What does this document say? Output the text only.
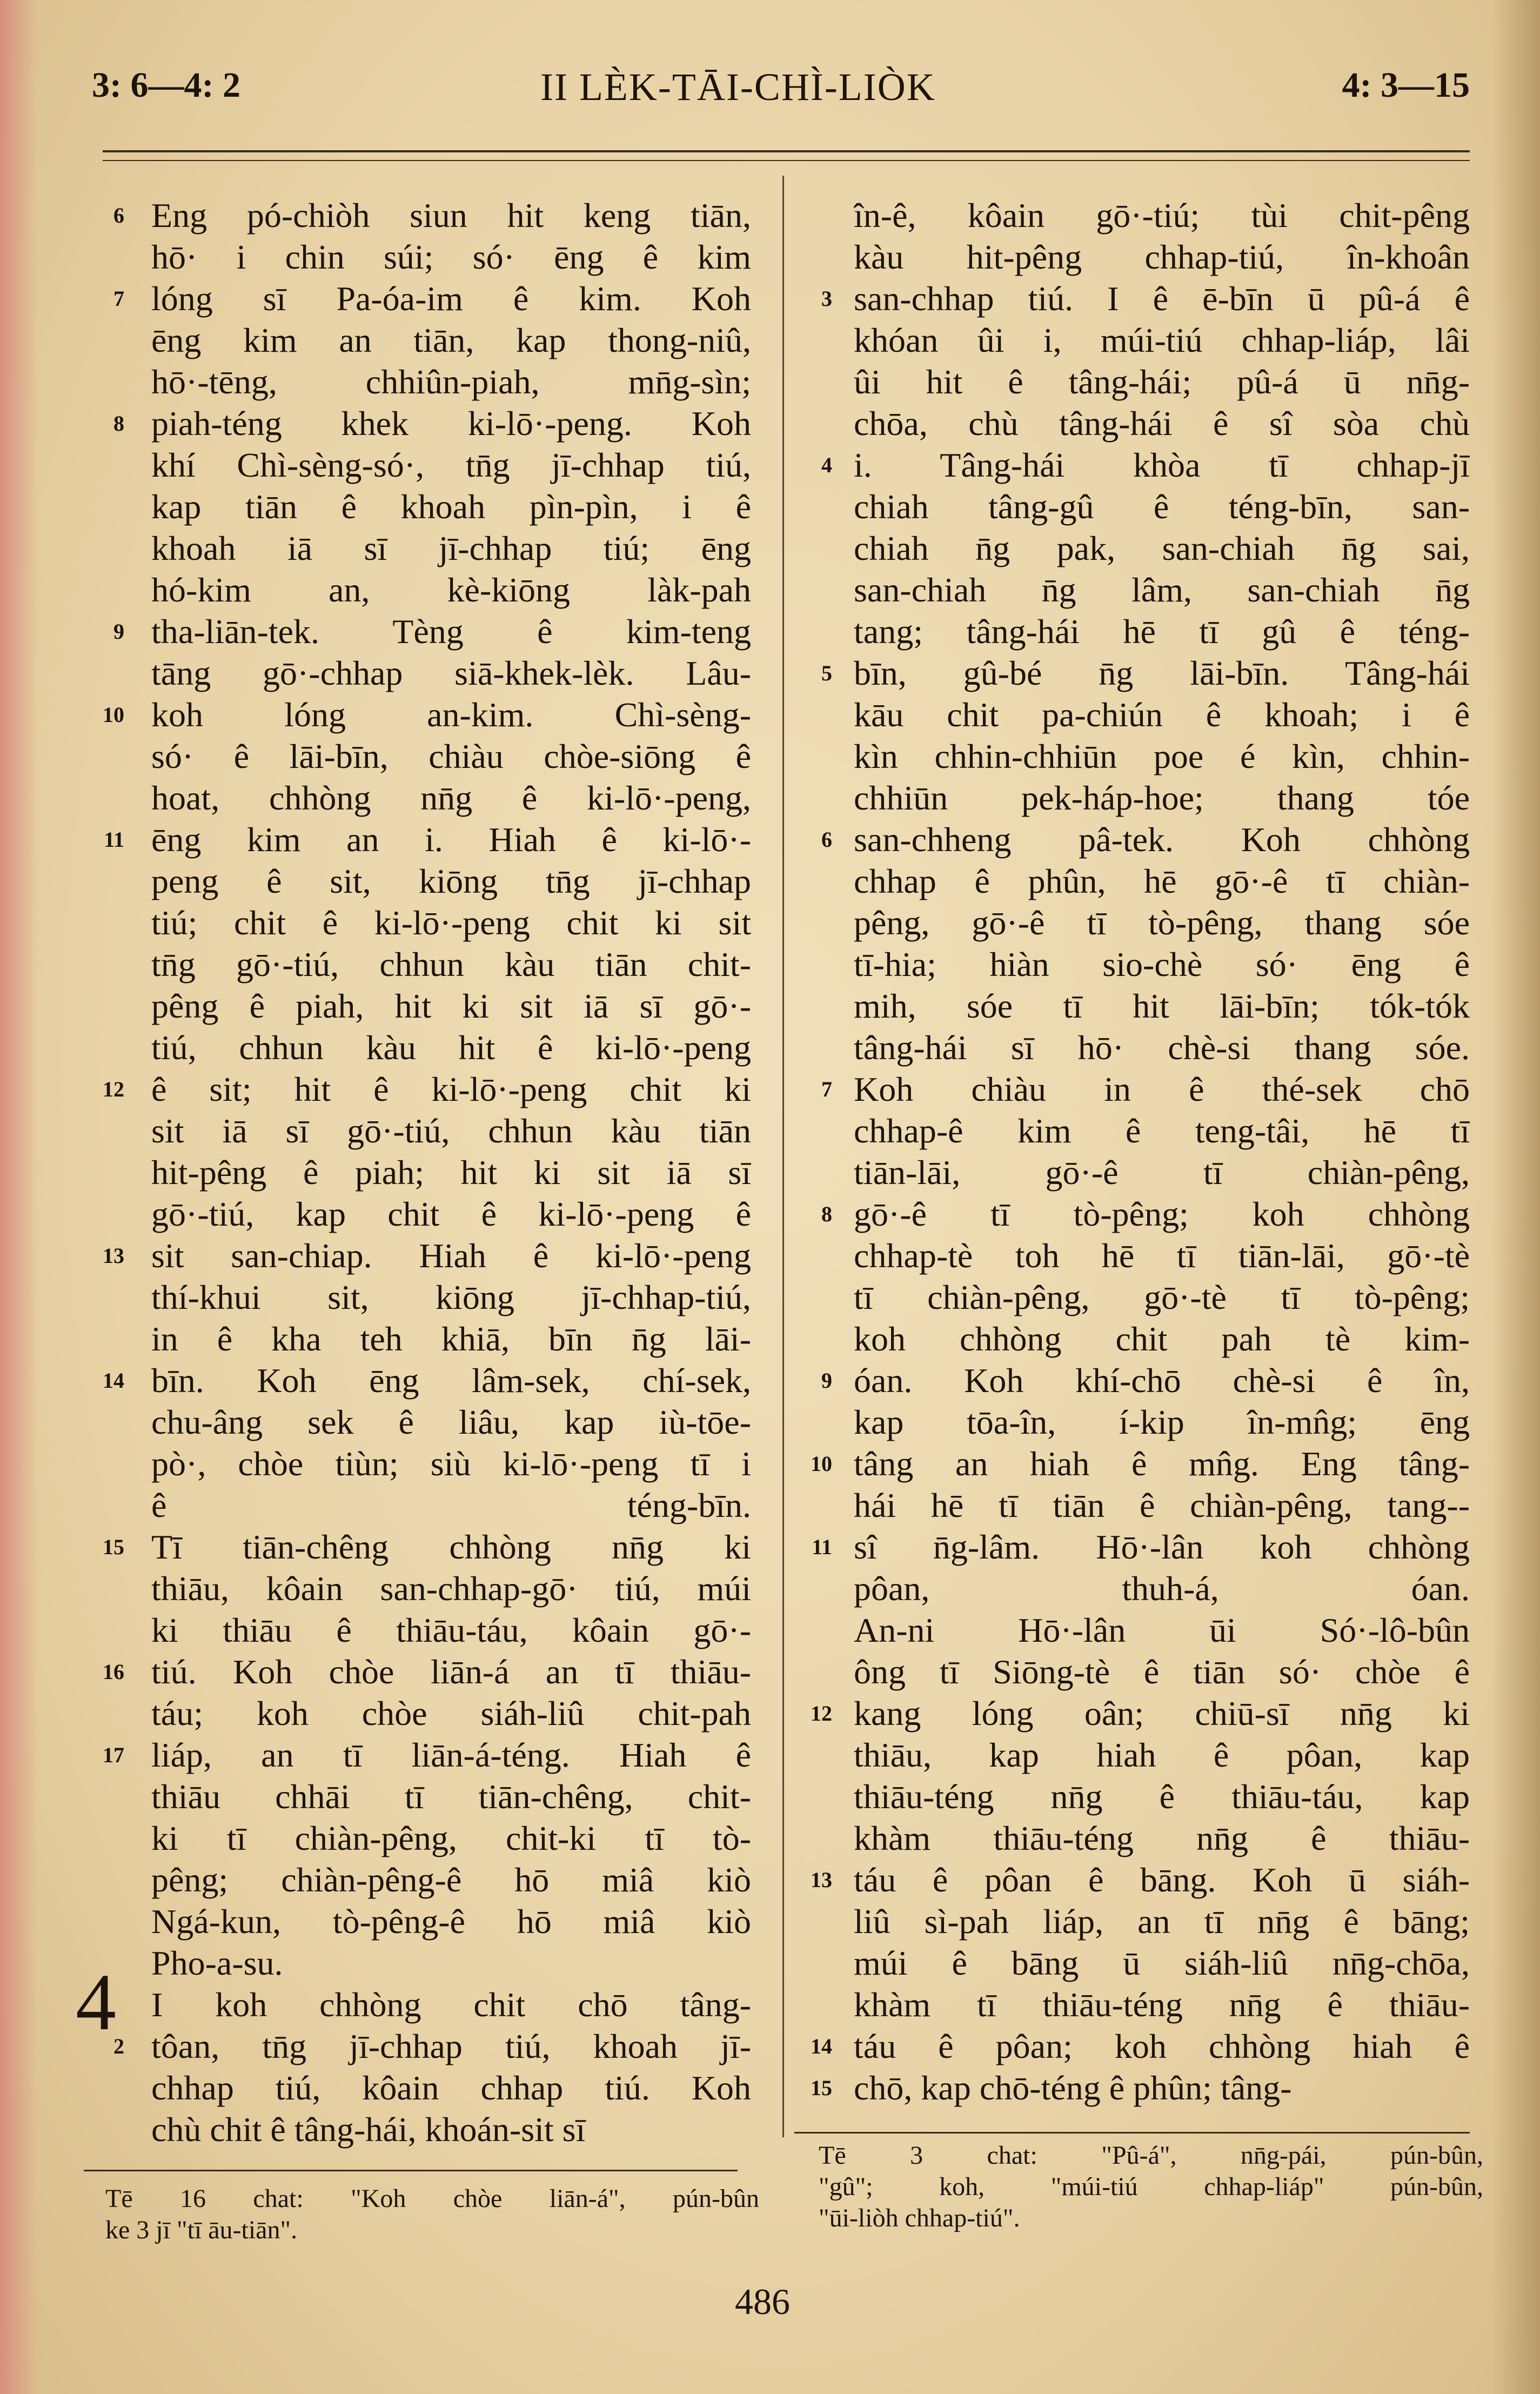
3: 6—4: 2	II LÈK-TĀI-CHÌ-LIÒK	4: 3—15
6
7
8
9
10
11
12
13
14
15
16
17
2
4
Eng pó-chiòh siun hit keng tiān,
hō· i chin súi; só· ēng ê kim
lóng sī Pa-óa-im ê kim. Koh
ēng kim an tiān, kap thong-niû,
hō·-tēng, chhiûn-piah, mn̄g-sìn;
piah-téng khek ki-lō·-peng. Koh
khí Chì-sèng-só·, tn̄g jī-chhap tiú,
kap tiān ê khoah pìn-pìn, i ê
khoah iā sī jī-chhap tiú; ēng
hó-kim an, kè-kiōng làk-pah
tha-liān-tek. Tèng ê kim-teng
tāng gō·-chhap siā-khek-lèk. Lâu-
koh lóng an-kim. Chì-sèng-
só· ê lāi-bīn, chiàu chòe-siōng ê
hoat, chhòng nn̄g ê ki-lō·-peng,
ēng kim an i. Hiah ê ki-lō·-
peng ê sit, kiōng tn̄g jī-chhap
tiú; chit ê ki-lō·-peng chit ki sit
tn̄g gō·-tiú, chhun kàu tiān chit-
pêng ê piah, hit ki sit iā sī gō·-
tiú, chhun kàu hit ê ki-lō·-peng
ê sit; hit ê ki-lō·-peng chit ki
sit iā sī gō·-tiú, chhun kàu tiān
hit-pêng ê piah; hit ki sit iā sī
gō·-tiú, kap chit ê ki-lō·-peng ê
sit san-chiap. Hiah ê ki-lō·-peng
thí-khui sit, kiōng jī-chhap-tiú,
in ê kha teh khiā, bīn n̄g lāi-
bīn. Koh ēng lâm-sek, chí-sek,
chu-âng sek ê liâu, kap iù-tōe-
pò·, chòe tiùn; siù ki-lō·-peng tī i
ê téng-bīn.
Tī tiān-chêng chhòng nn̄g ki
thiāu, kôain san-chhap-gō· tiú, múi
ki thiāu ê thiāu-táu, kôain gō·-
tiú. Koh chòe liān-á an tī thiāu-
táu; koh chòe siáh-liû chit-pah
liáp, an tī liān-á-téng. Hiah ê
thiāu chhāi tī tiān-chêng, chit-
ki tī chiàn-pêng, chit-ki tī tò-
pêng; chiàn-pêng-ê hō miâ kiò
Ngá-kun, tò-pêng-ê hō miâ kiò
Pho-a-su.
I koh chhòng chit chō tâng-
tôan, tn̄g jī-chhap tiú, khoah jī-
chhap tiú, kôain chhap tiú. Koh
chù chit ê tâng-hái, khoán-sit sī
3
4
5
6
7
8
9
10
11
12
13
14
15
în-ê, kôain gō·-tiú; tùi chit-pêng
kàu hit-pêng chhap-tiú, în-khoân
san-chhap tiú. I ê ē-bīn ū pû-á ê
khóan ûi i, múi-tiú chhap-liáp, lâi
ûi hit ê tâng-hái; pû-á ū nn̄g-
chōa, chù tâng-hái ê sî sòa chù
i. Tâng-hái khòa tī chhap-jī
chiah tâng-gû ê téng-bīn, san-
chiah n̄g pak, san-chiah n̄g sai,
san-chiah n̄g lâm, san-chiah n̄g
tang; tâng-hái hē tī gû ê téng-
bīn, gû-bé n̄g lāi-bīn. Tâng-hái
kāu chit pa-chiún ê khoah; i ê
kìn chhin-chhiūn poe é kìn, chhin-
chhiūn pek-háp-hoe; thang tóe
san-chheng pâ-tek. Koh chhòng
chhap ê phûn, hē gō·-ê tī chiàn-
pêng, gō·-ê tī tò-pêng, thang sóe
tī-hia; hiàn sio-chè só· ēng ê
mih, sóe tī hit lāi-bīn; tók-tók
tâng-hái sī hō· chè-si thang sóe.
Koh chiàu in ê thé-sek chō
chhap-ê kim ê teng-tâi, hē tī
tiān-lāi, gō·-ê tī chiàn-pêng,
gō·-ê tī tò-pêng; koh chhòng
chhap-tè toh hē tī tiān-lāi, gō·-tè
tī chiàn-pêng, gō·-tè tī tò-pêng;
koh chhòng chit pah tè kim-
óan. Koh khí-chō chè-si ê în,
kap tōa-în, í-kip în-mn̂g; ēng
tâng an hiah ê mn̂g. Eng tâng-
hái hē tī tiān ê chiàn-pêng, tang--
sî n̄g-lâm. Hō·-lân koh chhòng
pôan, thuh-á, óan.
An-ni Hō·-lân ūi Só·-lô-bûn
ông tī Siōng-tè ê tiān só· chòe ê
kang lóng oân; chiū-sī nn̄g ki
thiāu, kap hiah ê pôan, kap
thiāu-téng nn̄g ê thiāu-táu, kap
khàm thiāu-téng nn̄g ê thiāu-
táu ê pôan ê bāng. Koh ū siáh-
liû sì-pah liáp, an tī nn̄g ê bāng;
múi ê bāng ū siáh-liû nn̄g-chōa,
khàm tī thiāu-téng nn̄g ê thiāu-
táu ê pôan; koh chhòng hiah ê
chō, kap chō-téng ê phûn; tâng-
Tē 16 chat: "Koh chòe liān-á", pún-bûn
ke 3 jī "tī āu-tiān".
Tē 3 chat: "Pû-á", nn̄g-pái, pún-bûn,
"gû"; koh, "múi-tiú chhap-liáp" pún-bûn,
"ūi-liòh chhap-tiú".
486
